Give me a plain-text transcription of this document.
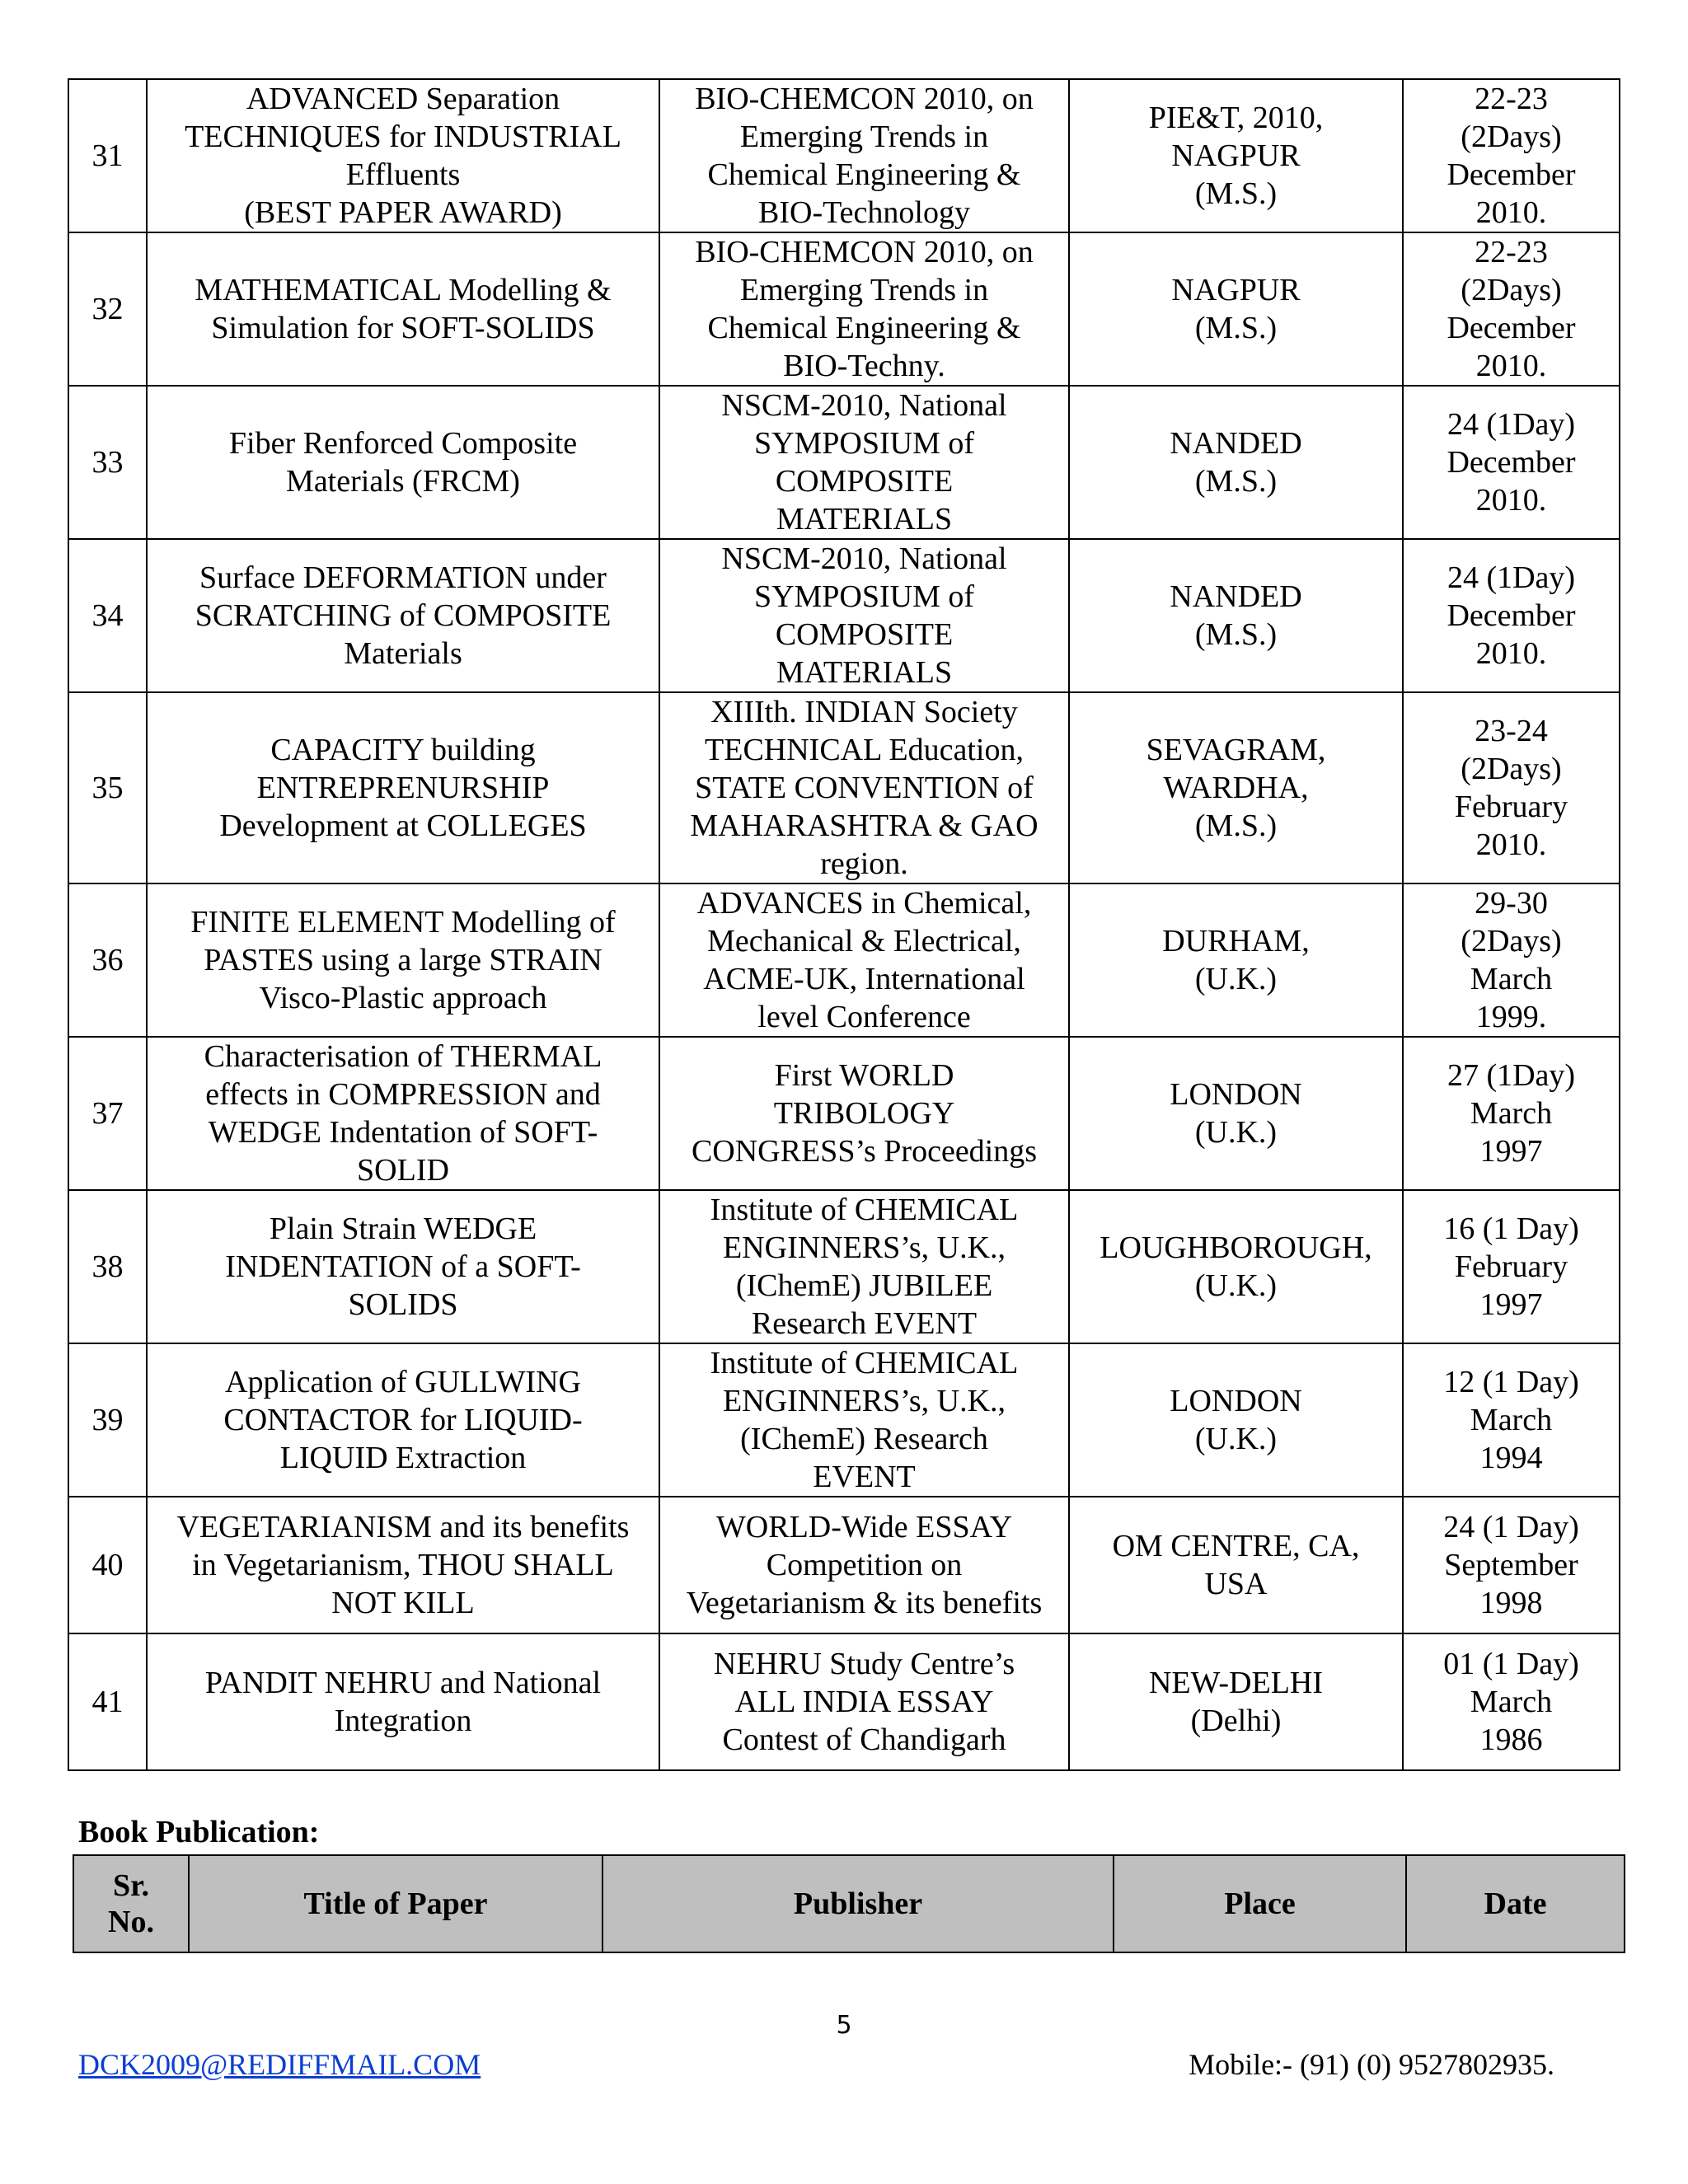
31	ADVANCED Separation
TECHNIQUES for INDUSTRIAL
Effluents
(BEST PAPER AWARD)	BIO-CHEMCON 2010, on
Emerging Trends in
Chemical Engineering &
BIO-Technology	PIE&T, 2010,
NAGPUR
(M.S.)	22-23
(2Days)
December
2010.

32	MATHEMATICAL Modelling &
Simulation for SOFT-SOLIDS	BIO-CHEMCON 2010, on
Emerging Trends in
Chemical Engineering &
BIO-Techny.	NAGPUR
(M.S.)	22-23
(2Days)
December
2010.

33	Fiber Renforced Composite
Materials (FRCM)	NSCM-2010, National
SYMPOSIUM of
COMPOSITE
MATERIALS	NANDED
(M.S.)	24 (1Day)
December
2010.

34	Surface DEFORMATION under
SCRATCHING of COMPOSITE
Materials	NSCM-2010, National
SYMPOSIUM of
COMPOSITE
MATERIALS	NANDED
(M.S.)	24 (1Day)
December
2010.

35	CAPACITY building
ENTREPRENURSHIP
Development at COLLEGES	XIIIth. INDIAN Society
TECHNICAL Education,
STATE CONVENTION of
MAHARASHTRA & GAO
region.	SEVAGRAM,
WARDHA,
(M.S.)	23-24
(2Days)
February
2010.

36	FINITE ELEMENT Modelling of
PASTES using a large STRAIN
Visco-Plastic approach	ADVANCES in Chemical,
Mechanical & Electrical,
ACME-UK, International
level Conference	DURHAM,
(U.K.)	29-30
(2Days)
March
1999.

37	Characterisation of THERMAL
effects in COMPRESSION and
WEDGE Indentation of SOFT-
SOLID	First WORLD
TRIBOLOGY
CONGRESS’s Proceedings	LONDON
(U.K.)	27 (1Day)
March
1997

38	Plain Strain WEDGE
INDENTATION of a SOFT-
SOLIDS	Institute of CHEMICAL
ENGINNERS’s, U.K.,
(IChemE) JUBILEE
Research EVENT	LOUGHBOROUGH,
(U.K.)	16 (1 Day)
February
1997

39	Application of GULLWING
CONTACTOR for LIQUID-
LIQUID Extraction	Institute of CHEMICAL
ENGINNERS’s, U.K.,
(IChemE) Research
EVENT	LONDON
(U.K.)	12 (1 Day)
March
1994

40	VEGETARIANISM and its benefits
in Vegetarianism, THOU SHALL
NOT KILL	WORLD-Wide ESSAY
Competition on
Vegetarianism & its benefits	OM CENTRE, CA,
USA	24 (1 Day)
September
1998

41	PANDIT NEHRU and National
Integration	NEHRU Study Centre’s
ALL INDIA ESSAY
Contest of Chandigarh	NEW-DELHI
(Delhi)	01 (1 Day)
March
1986
Book Publication:
Sr.
No.	Title of Paper	Publisher	Place	Date
5
DCK2009@REDIFFMAIL.COM	Mobile:- (91) (0) 9527802935.
